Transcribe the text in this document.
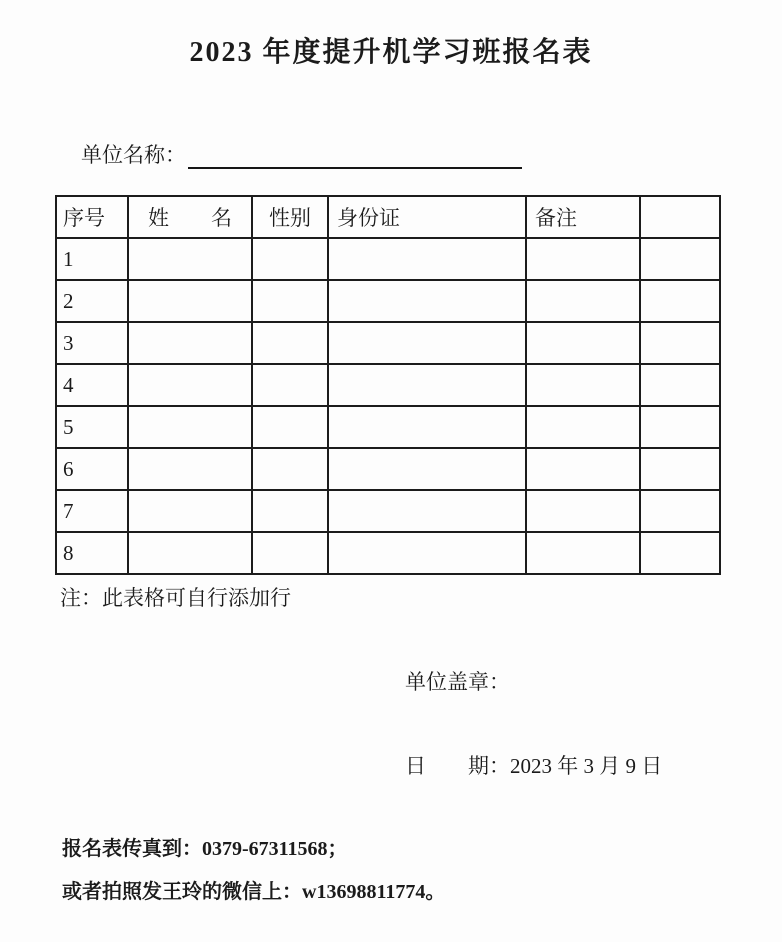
2023 年度提升机学习班报名表

单位名称：

序号	姓　　名	性别	身份证	备注	
1					
2					
3					
4					
5					
6					
7					
8					
注：此表格可自行添加行
单位盖章：
日　　期：2023 年 3 月 9 日
报名表传真到：0379-67311568；
或者拍照发王玲的微信上：w13698811774。
